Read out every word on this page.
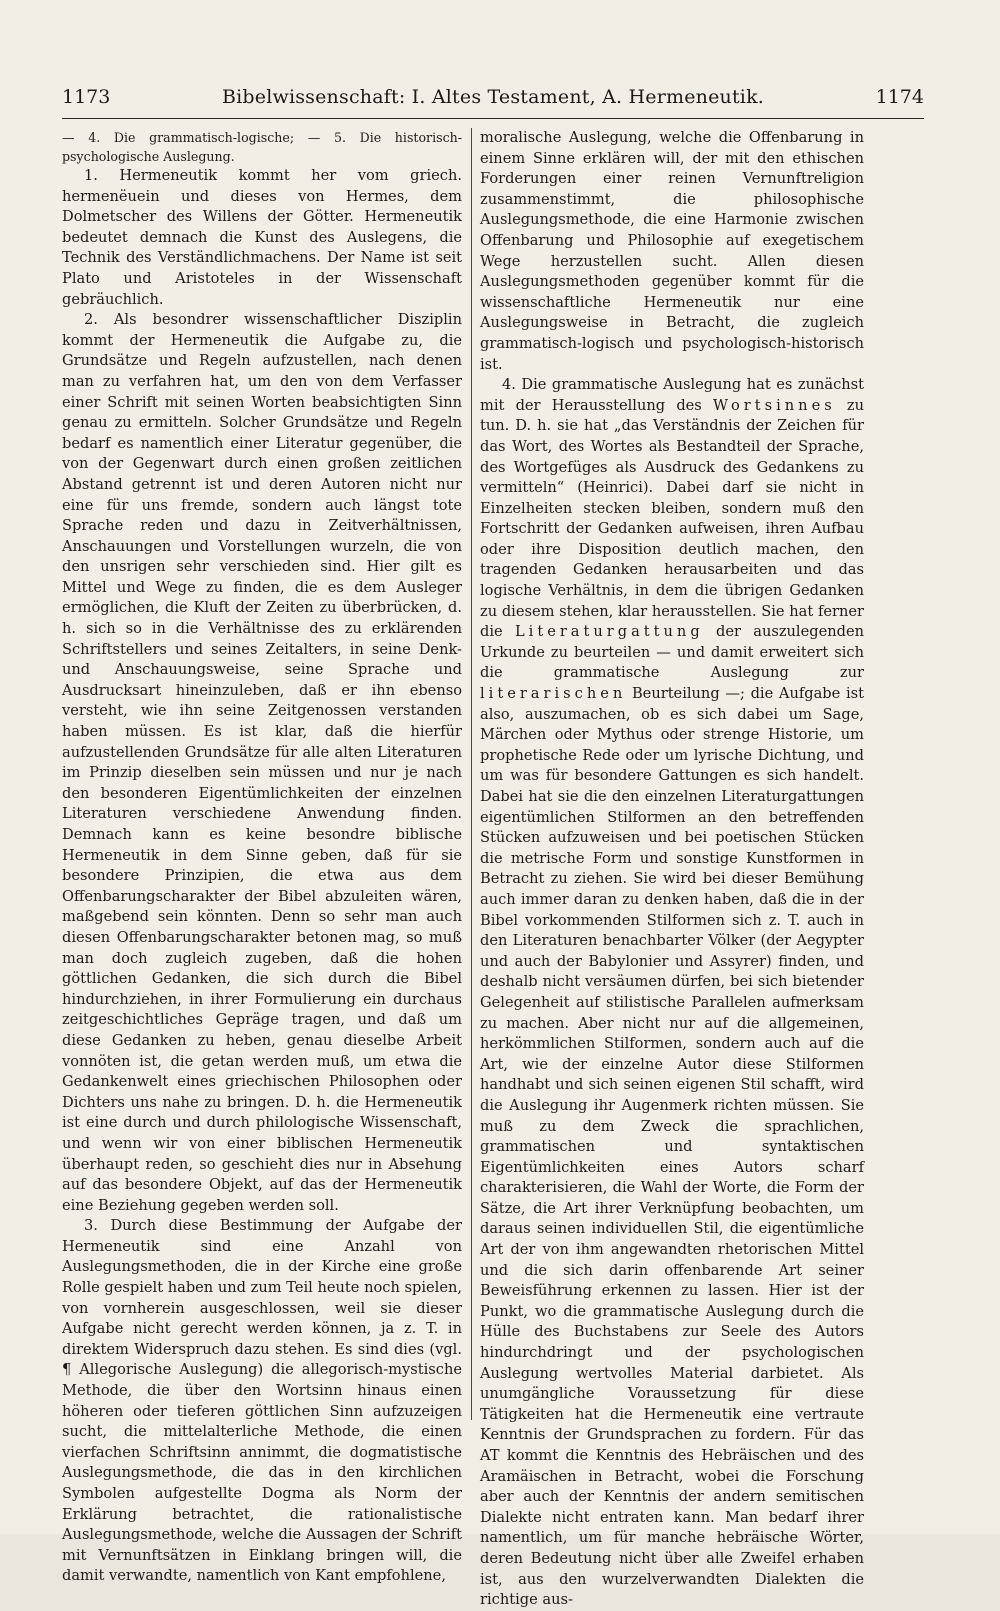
1173	Bibelwissenschaft: I. Altes Testament, A. Hermeneutik.	1174

— 4. Die grammatisch-logische; — 5. Die historisch-psychologische Auslegung.

1. Hermeneutik kommt her vom griech. hermenëuein und dieses von Hermes, dem Dolmetscher des Willens der Götter. Hermeneutik bedeutet demnach die Kunst des Auslegens, die Technik des Verständlichmachens. Der Name ist seit Plato und Aristoteles in der Wissenschaft gebräuchlich.

2. Als besondrer wissenschaftlicher Disziplin kommt der Hermeneutik die Aufgabe zu, die Grundsätze und Regeln aufzustellen, nach denen man zu verfahren hat, um den von dem Verfasser einer Schrift mit seinen Worten beabsichtigten Sinn genau zu ermitteln. Solcher Grundsätze und Regeln bedarf es namentlich einer Literatur gegenüber, die von der Gegenwart durch einen großen zeitlichen Abstand getrennt ist und deren Autoren nicht nur eine für uns fremde, sondern auch längst tote Sprache reden und dazu in Zeitverhältnissen, Anschauungen und Vorstellungen wurzeln, die von den unsrigen sehr verschieden sind. Hier gilt es Mittel und Wege zu finden, die es dem Ausleger ermöglichen, die Kluft der Zeiten zu überbrücken, d. h. sich so in die Verhältnisse des zu erklärenden Schriftstellers und seines Zeitalters, in seine Denk- und Anschauungsweise, seine Sprache und Ausdrucksart hineinzuleben, daß er ihn ebenso versteht, wie ihn seine Zeitgenossen verstanden haben müssen. Es ist klar, daß die hierfür aufzustellenden Grundsätze für alle alten Literaturen im Prinzip dieselben sein müssen und nur je nach den besonderen Eigentümlichkeiten der einzelnen Literaturen verschiedene Anwendung finden. Demnach kann es keine besondre biblische Hermeneutik in dem Sinne geben, daß für sie besondere Prinzipien, die etwa aus dem Offenbarungscharakter der Bibel abzuleiten wären, maßgebend sein könnten. Denn so sehr man auch diesen Offenbarungscharakter betonen mag, so muß man doch zugleich zugeben, daß die hohen göttlichen Gedanken, die sich durch die Bibel hindurchziehen, in ihrer Formulierung ein durchaus zeitgeschichtliches Gepräge tragen, und daß um diese Gedanken zu heben, genau dieselbe Arbeit vonnöten ist, die getan werden muß, um etwa die Gedankenwelt eines griechischen Philosophen oder Dichters uns nahe zu bringen. D. h. die Hermeneutik ist eine durch und durch philologische Wissenschaft, und wenn wir von einer biblischen Hermeneutik überhaupt reden, so geschieht dies nur in Absehung auf das besondere Objekt, auf das der Hermeneutik eine Beziehung gegeben werden soll.

3. Durch diese Bestimmung der Aufgabe der Hermeneutik sind eine Anzahl von Auslegungsmethoden, die in der Kirche eine große Rolle gespielt haben und zum Teil heute noch spielen, von vornherein ausgeschlossen, weil sie dieser Aufgabe nicht gerecht werden können, ja z. T. in direktem Widerspruch dazu stehen. Es sind dies (vgl. ¶ Allegorische Auslegung) die allegorisch-mystische Methode, die über den Wortsinn hinaus einen höheren oder tieferen göttlichen Sinn aufzuzeigen sucht, die mittelalterliche Methode, die einen vierfachen Schriftsinn annimmt, die dogmatistische Auslegungsmethode, die das in den kirchlichen Symbolen aufgestellte Dogma als Norm der Erklärung betrachtet, die rationalistische Auslegungsmethode, welche die Aussagen der Schrift mit Vernunftsätzen in Einklang bringen will, die damit verwandte, namentlich von Kant empfohlene,

moralische Auslegung, welche die Offenbarung in einem Sinne erklären will, der mit den ethischen Forderungen einer reinen Vernunftreligion zusammenstimmt, die philosophische Auslegungsmethode, die eine Harmonie zwischen Offenbarung und Philosophie auf exegetischem Wege herzustellen sucht. Allen diesen Auslegungsmethoden gegenüber kommt für die wissenschaftliche Hermeneutik nur eine Auslegungsweise in Betracht, die zugleich grammatisch-logisch und psychologisch-historisch ist.

4. Die grammatische Auslegung hat es zunächst mit der Herausstellung des Wortsinnes zu tun. D. h. sie hat „das Verständnis der Zeichen für das Wort, des Wortes als Bestandteil der Sprache, des Wortgefüges als Ausdruck des Gedankens zu vermitteln“ (Heinrici). Dabei darf sie nicht in Einzelheiten stecken bleiben, sondern muß den Fortschritt der Gedanken aufweisen, ihren Aufbau oder ihre Disposition deutlich machen, den tragenden Gedanken herausarbeiten und das logische Verhältnis, in dem die übrigen Gedanken zu diesem stehen, klar herausstellen. Sie hat ferner die Literaturgattung der auszulegenden Urkunde zu beurteilen — und damit erweitert sich die grammatische Auslegung zur literarischen Beurteilung —; die Aufgabe ist also, auszumachen, ob es sich dabei um Sage, Märchen oder Mythus oder strenge Historie, um prophetische Rede oder um lyrische Dichtung, und um was für besondere Gattungen es sich handelt. Dabei hat sie die den einzelnen Literaturgattungen eigentümlichen Stilformen an den betreffenden Stücken aufzuweisen und bei poetischen Stücken die metrische Form und sonstige Kunstformen in Betracht zu ziehen. Sie wird bei dieser Bemühung auch immer daran zu denken haben, daß die in der Bibel vorkommenden Stilformen sich z. T. auch in den Literaturen benachbarter Völker (der Aegypter und auch der Babylonier und Assyrer) finden, und deshalb nicht versäumen dürfen, bei sich bietender Gelegenheit auf stilistische Parallelen aufmerksam zu machen. Aber nicht nur auf die allgemeinen, herkömmlichen Stilformen, sondern auch auf die Art, wie der einzelne Autor diese Stilformen handhabt und sich seinen eigenen Stil schafft, wird die Auslegung ihr Augenmerk richten müssen. Sie muß zu dem Zweck die sprachlichen, grammatischen und syntaktischen Eigentümlichkeiten eines Autors scharf charakterisieren, die Wahl der Worte, die Form der Sätze, die Art ihrer Verknüpfung beobachten, um daraus seinen individuellen Stil, die eigentümliche Art der von ihm angewandten rhetorischen Mittel und die sich darin offenbarende Art seiner Beweisführung erkennen zu lassen. Hier ist der Punkt, wo die grammatische Auslegung durch die Hülle des Buchstabens zur Seele des Autors hindurchdringt und der psychologischen Auslegung wertvolles Material darbietet. Als unumgängliche Voraussetzung für diese Tätigkeiten hat die Hermeneutik eine vertraute Kenntnis der Grundsprachen zu fordern. Für das AT kommt die Kenntnis des Hebräischen und des Aramäischen in Betracht, wobei die Forschung aber auch der Kenntnis der andern semitischen Dialekte nicht entraten kann. Man bedarf ihrer namentlich, um für manche hebräische Wörter, deren Bedeutung nicht über alle Zweifel erhaben ist, aus den wurzelverwandten Dialekten die richtige aus-
